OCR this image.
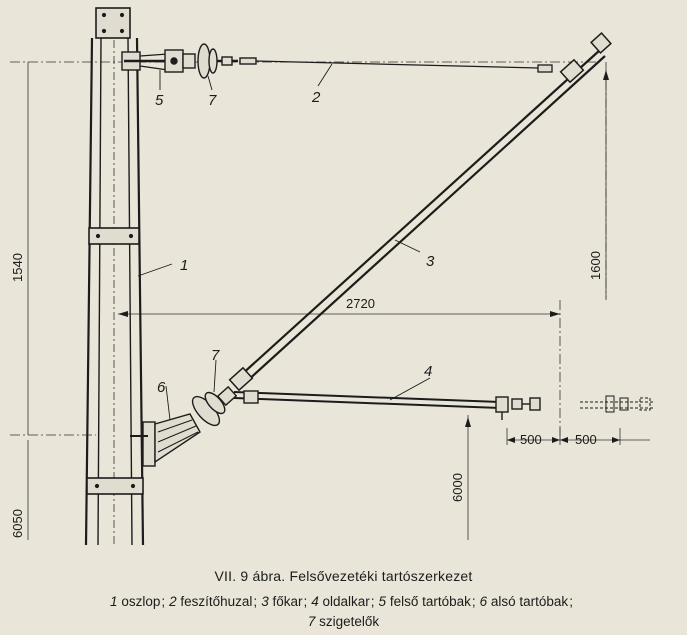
2
3
1
4
5	7
6
7
1540	1600
2720
500	500
6000
6050
VII. 9 ábra. Felsővezetéki tartószerkezet
1 oszlop; 2 feszítőhuzal; 3 főkar; 4 oldalkar; 5 felső tartóbak; 6 alsó tartóbak;
7 szigetelők
